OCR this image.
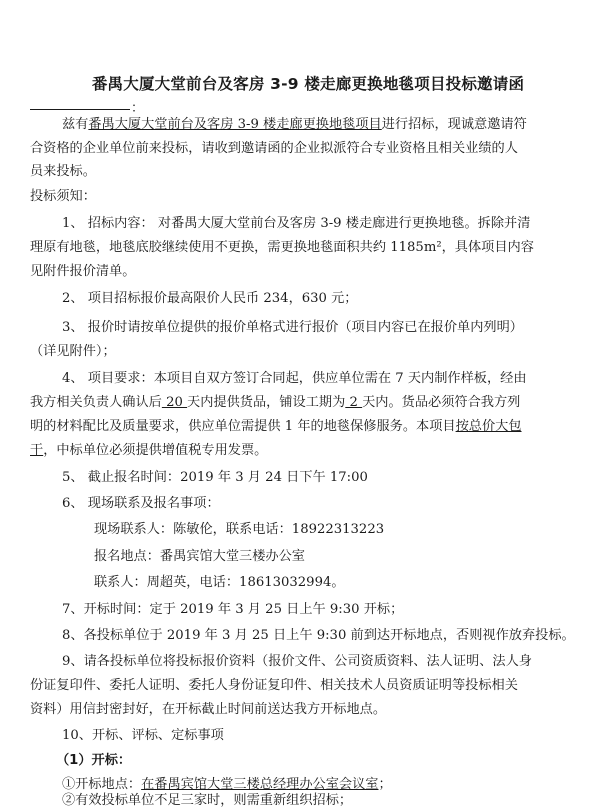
番禺大厦大堂前台及客房 3-9 楼走廊更换地毯项目投标邀请函
：
兹有番禺大厦大堂前台及客房 3-9 楼走廊更换地毯项目进行招标，现诚意邀请符
合资格的企业单位前来投标，请收到邀请函的企业拟派符合专业资格且相关业绩的人
员来投标。
投标须知：
1、 招标内容： 对番禺大厦大堂前台及客房 3-9 楼走廊进行更换地毯。拆除并清
理原有地毯，地毯底胶继续使用不更换，需更换地毯面积共约 1185m²，具体项目内容
见附件报价清单。
2、 项目招标报价最高限价人民币 234，630 元；
3、 报价时请按单位提供的报价单格式进行报价（项目内容已在报价单内列明）
（详见附件）；
4、 项目要求：本项目自双方签订合同起，供应单位需在 7 天内制作样板，经由
我方相关负责人确认后 20 天内提供货品，铺设工期为 2 天内。货品必须符合我方列
明的材料配比及质量要求，供应单位需提供 1 年的地毯保修服务。本项目按总价大包
干，中标单位必须提供增值税专用发票。
5、 截止报名时间：2019 年 3 月 24 日下午 17:00
6、 现场联系及报名事项：
现场联系人：陈敏伦，联系电话：18922313223
报名地点：番禺宾馆大堂三楼办公室
联系人：周超英，电话：18613032994。
7、开标时间：定于 2019 年 3 月 25 日上午 9:30 开标；
8、各投标单位于 2019 年 3 月 25 日上午 9:30 前到达开标地点，否则视作放弃投标。
9、请各投标单位将投标报价资料（报价文件、公司资质资料、法人证明、法人身
份证复印件、委托人证明、委托人身份证复印件、相关技术人员资质证明等投标相关
资料）用信封密封好，在开标截止时间前送达我方开标地点。
10、开标、评标、定标事项
（1）开标：
①开标地点：在番禺宾馆大堂三楼总经理办公室会议室；
②有效投标单位不足三家时，则需重新组织招标；
